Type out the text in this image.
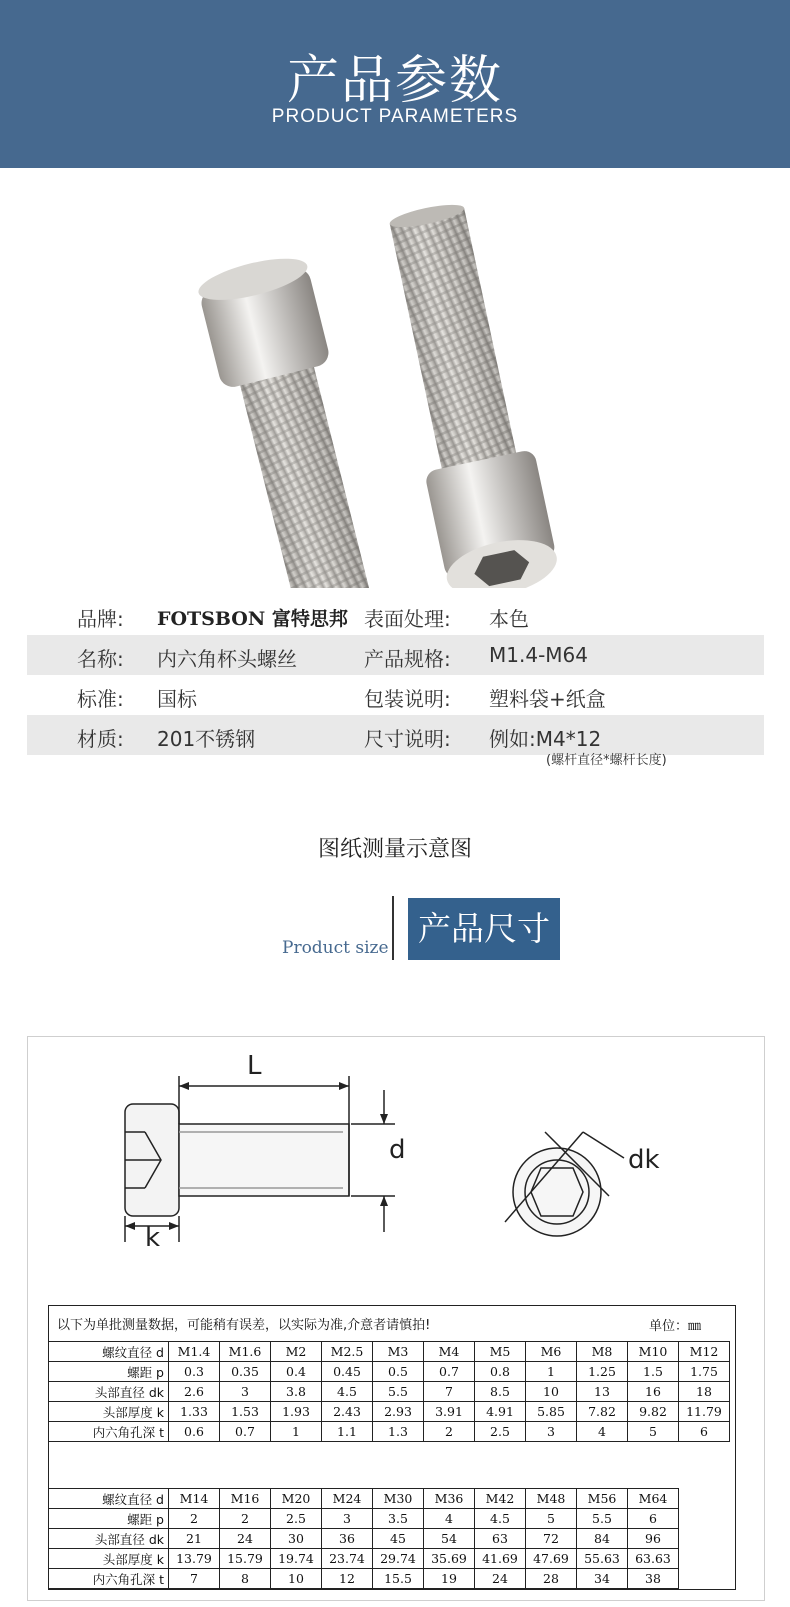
产品参数
PRODUCT PARAMETERS
品牌: FOTSBON 富特思邦 表面处理: 本色
名称: 内六角杯头螺丝	产品规格: M1.4-M64
标准: 国标	包装说明: 塑料袋+纸盒
材质: 201不锈钢	尺寸说明: 例如:M4*12
(螺杆直径*螺杆长度)
图纸测量示意图
Product size 产品尺寸
L
d
k
dk
以下为单批测量数据，可能稍有误差，以实际为准,介意者请慎拍!	单位：㎜
螺纹直径 d	M1.4	M1.6	M2	M2.5	M3	M4	M5	M6	M8	M10	M12
螺距 p	0.3	0.35	0.4	0.45	0.5	0.7	0.8	1	1.25	1.5	1.75
头部直径 dk	2.6	3	3.8	4.5	5.5	7	8.5	10	13	16	18
头部厚度 k	1.33	1.53	1.93	2.43	2.93	3.91	4.91	5.85	7.82	9.82	11.79
内六角孔深 t	0.6	0.7	1	1.1	1.3	2	2.5	3	4	5	6
螺纹直径 d	M14	M16	M20	M24	M30	M36	M42	M48	M56	M64	
螺距 p	2	2	2.5	3	3.5	4	4.5	5	5.5	6	
头部直径 dk	21	24	30	36	45	54	63	72	84	96	
头部厚度 k	13.79	15.79	19.74	23.74	29.74	35.69	41.69	47.69	55.63	63.63	
内六角孔深 t	7	8	10	12	15.5	19	24	28	34	38	
